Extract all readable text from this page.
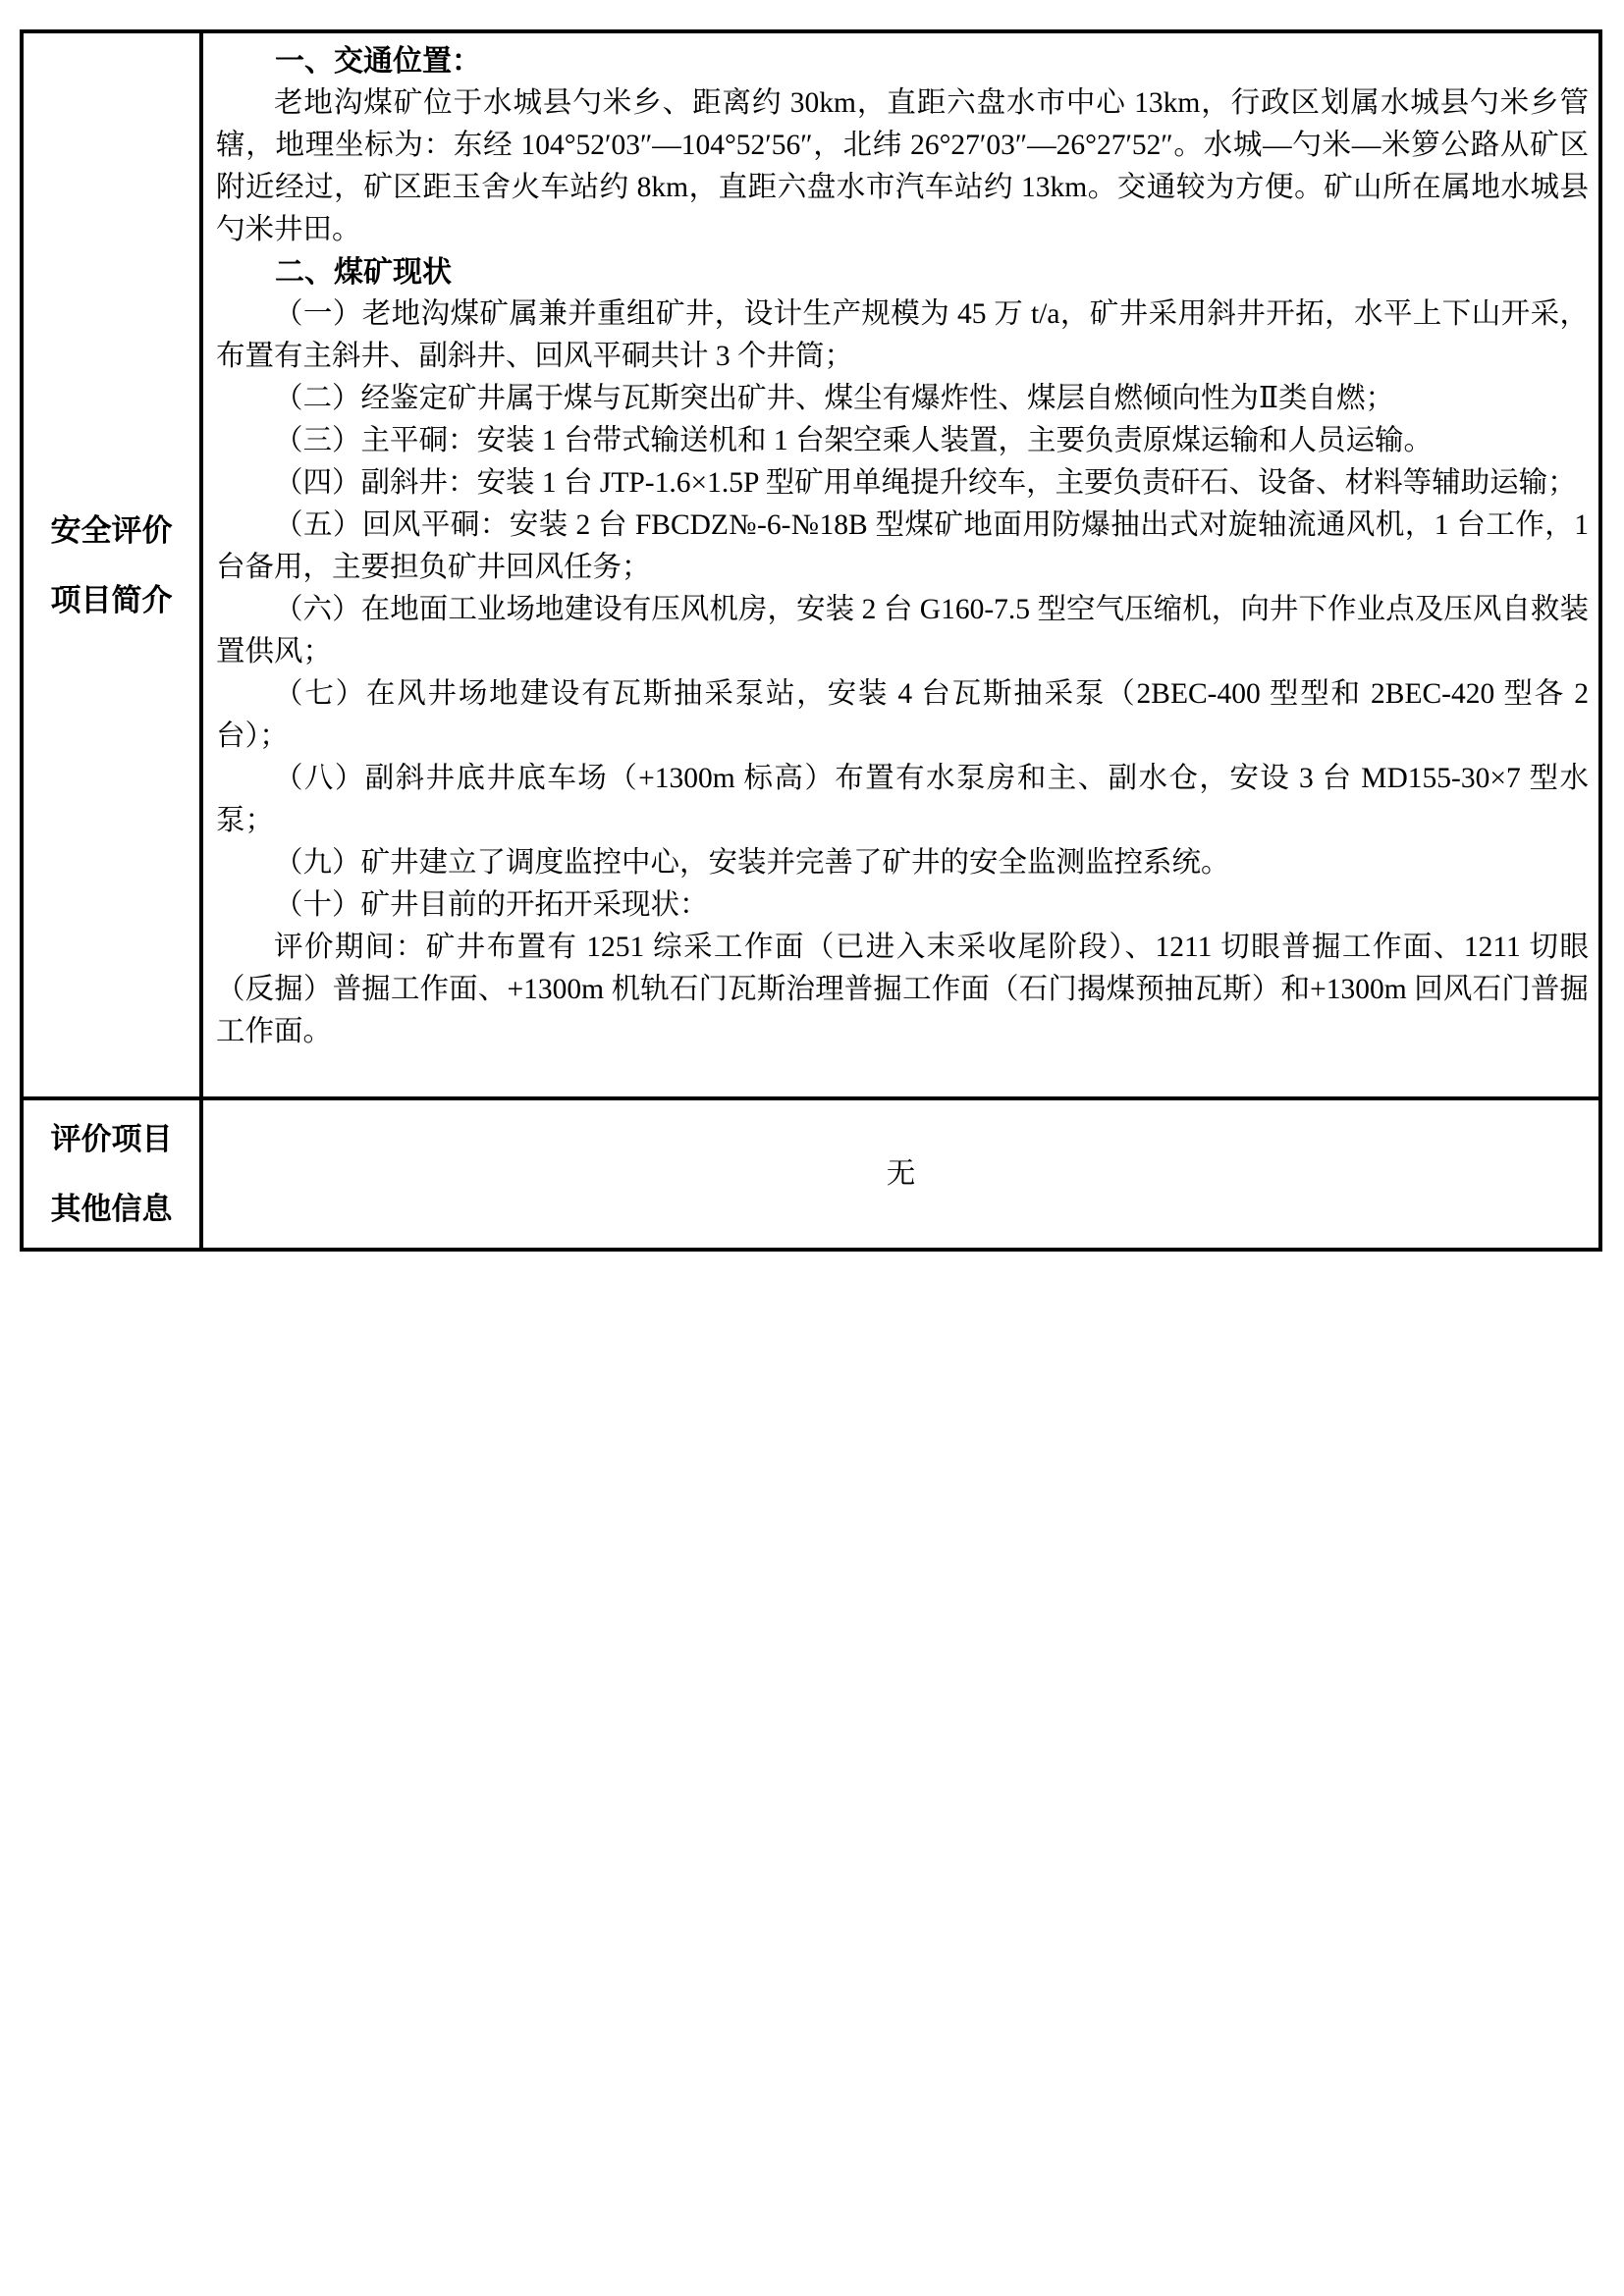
安全评价
项目简介

一、交通位置：

老地沟煤矿位于水城县勺米乡、距离约 30km，直距六盘水市中心 13km，行政区划属水城县勺米乡管辖，地理坐标为：东经 104°52′03″—104°52′56″，北纬 26°27′03″—26°27′52″。水城—勺米—米箩公路从矿区附近经过，矿区距玉舍火车站约 8km，直距六盘水市汽车站约 13km。交通较为方便。矿山所在属地水城县勺米井田。

二、煤矿现状

（一）老地沟煤矿属兼并重组矿井，设计生产规模为 45 万 t/a，矿井采用斜井开拓，水平上下山开采，布置有主斜井、副斜井、回风平硐共计 3 个井筒；

（二）经鉴定矿井属于煤与瓦斯突出矿井、煤尘有爆炸性、煤层自燃倾向性为Ⅱ类自燃；

（三）主平硐：安装 1 台带式输送机和 1 台架空乘人装置，主要负责原煤运输和人员运输。

（四）副斜井：安装 1 台 JTP-1.6×1.5P 型矿用单绳提升绞车，主要负责矸石、设备、材料等辅助运输；

（五）回风平硐：安装 2 台 FBCDZ№-6-№18B 型煤矿地面用防爆抽出式对旋轴流通风机，1 台工作，1 台备用，主要担负矿井回风任务；

（六）在地面工业场地建设有压风机房，安装 2 台 G160-7.5 型空气压缩机，向井下作业点及压风自救装置供风；

（七）在风井场地建设有瓦斯抽采泵站，安装 4 台瓦斯抽采泵（2BEC-400 型型和 2BEC-420 型各 2 台）；

（八）副斜井底井底车场（+1300m 标高）布置有水泵房和主、副水仓，安设 3 台 MD155-30×7 型水泵；

（九）矿井建立了调度监控中心，安装并完善了矿井的安全监测监控系统。

（十）矿井目前的开拓开采现状：

评价期间：矿井布置有 1251 综采工作面（已进入末采收尾阶段）、1211 切眼普掘工作面、1211 切眼（反掘）普掘工作面、+1300m 机轨石门瓦斯治理普掘工作面（石门揭煤预抽瓦斯）和+1300m 回风石门普掘工作面。

评价项目
其他信息
无
